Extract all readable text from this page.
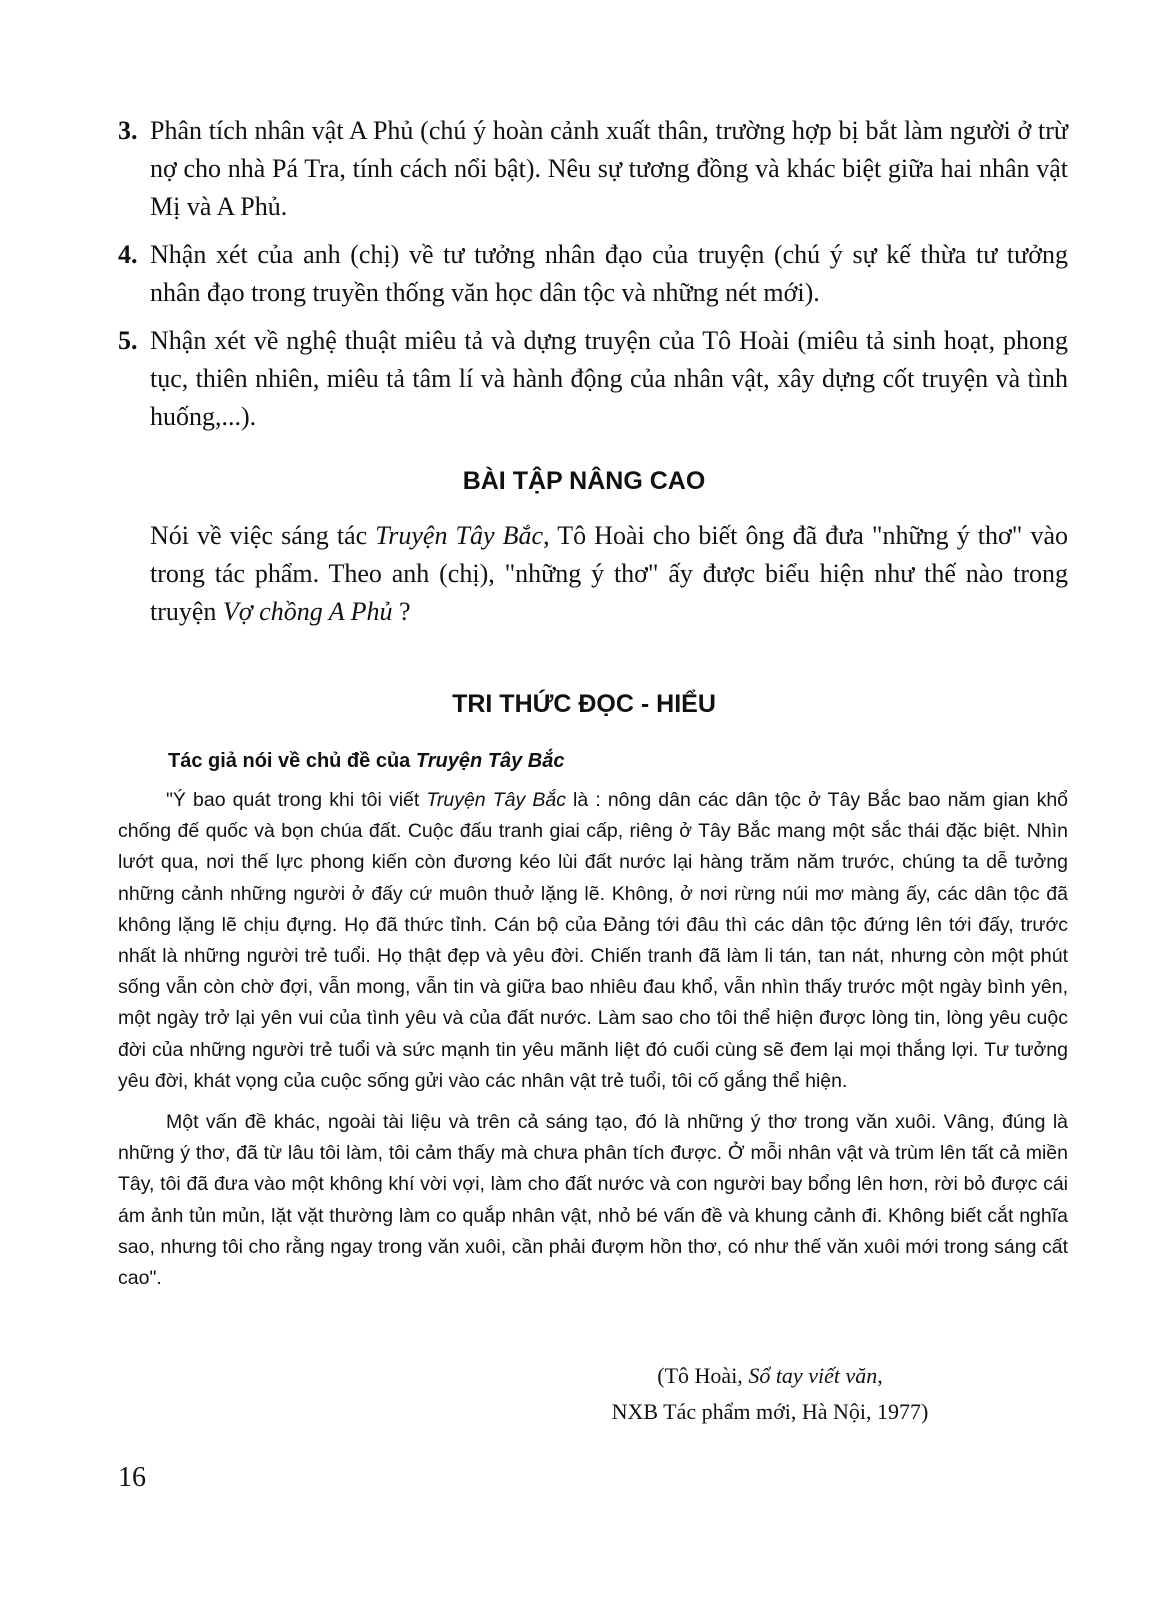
3. Phân tích nhân vật A Phủ (chú ý hoàn cảnh xuất thân, trường hợp bị bắt làm người ở trừ nợ cho nhà Pá Tra, tính cách nổi bật). Nêu sự tương đồng và khác biệt giữa hai nhân vật Mị và A Phủ.
4. Nhận xét của anh (chị) về tư tưởng nhân đạo của truyện (chú ý sự kế thừa tư tưởng nhân đạo trong truyền thống văn học dân tộc và những nét mới).
5. Nhận xét về nghệ thuật miêu tả và dựng truyện của Tô Hoài (miêu tả sinh hoạt, phong tục, thiên nhiên, miêu tả tâm lí và hành động của nhân vật, xây dựng cốt truyện và tình huống,...).
BÀI TẬP NÂNG CAO

Nói về việc sáng tác Truyện Tây Bắc, Tô Hoài cho biết ông đã đưa "những ý thơ" vào trong tác phẩm. Theo anh (chị), "những ý thơ" ấy được biểu hiện như thế nào trong truyện Vợ chồng A Phủ ?

TRI THỨC ĐỌC - HIỂU
Tác giả nói về chủ đề của Truyện Tây Bắc

"Ý bao quát trong khi tôi viết Truyện Tây Bắc là : nông dân các dân tộc ở Tây Bắc bao năm gian khổ chống đế quốc và bọn chúa đất. Cuộc đấu tranh giai cấp, riêng ở Tây Bắc mang một sắc thái đặc biệt. Nhìn lướt qua, nơi thế lực phong kiến còn đương kéo lùi đất nước lại hàng trăm năm trước, chúng ta dễ tưởng những cảnh những người ở đấy cứ muôn thuở lặng lẽ. Không, ở nơi rừng núi mơ màng ấy, các dân tộc đã không lặng lẽ chịu đựng. Họ đã thức tỉnh. Cán bộ của Đảng tới đâu thì các dân tộc đứng lên tới đấy, trước nhất là những người trẻ tuổi. Họ thật đẹp và yêu đời. Chiến tranh đã làm li tán, tan nát, nhưng còn một phút sống vẫn còn chờ đợi, vẫn mong, vẫn tin và giữa bao nhiêu đau khổ, vẫn nhìn thấy trước một ngày bình yên, một ngày trở lại yên vui của tình yêu và của đất nước. Làm sao cho tôi thể hiện được lòng tin, lòng yêu cuộc đời của những người trẻ tuổi và sức mạnh tin yêu mãnh liệt đó cuối cùng sẽ đem lại mọi thắng lợi. Tư tưởng yêu đời, khát vọng của cuộc sống gửi vào các nhân vật trẻ tuổi, tôi cố gắng thể hiện.

Một vấn đề khác, ngoài tài liệu và trên cả sáng tạo, đó là những ý thơ trong văn xuôi. Vâng, đúng là những ý thơ, đã từ lâu tôi làm, tôi cảm thấy mà chưa phân tích được. Ở mỗi nhân vật và trùm lên tất cả miền Tây, tôi đã đưa vào một không khí vời vợi, làm cho đất nước và con người bay bổng lên hơn, rời bỏ được cái ám ảnh tủn mủn, lặt vặt thường làm co quắp nhân vật, nhỏ bé vấn đề và khung cảnh đi. Không biết cắt nghĩa sao, nhưng tôi cho rằng ngay trong văn xuôi, cần phải đượm hồn thơ, có như thế văn xuôi mới trong sáng cất cao".

(Tô Hoài, Sổ tay viết văn,
NXB Tác phẩm mới, Hà Nội, 1977)
16
